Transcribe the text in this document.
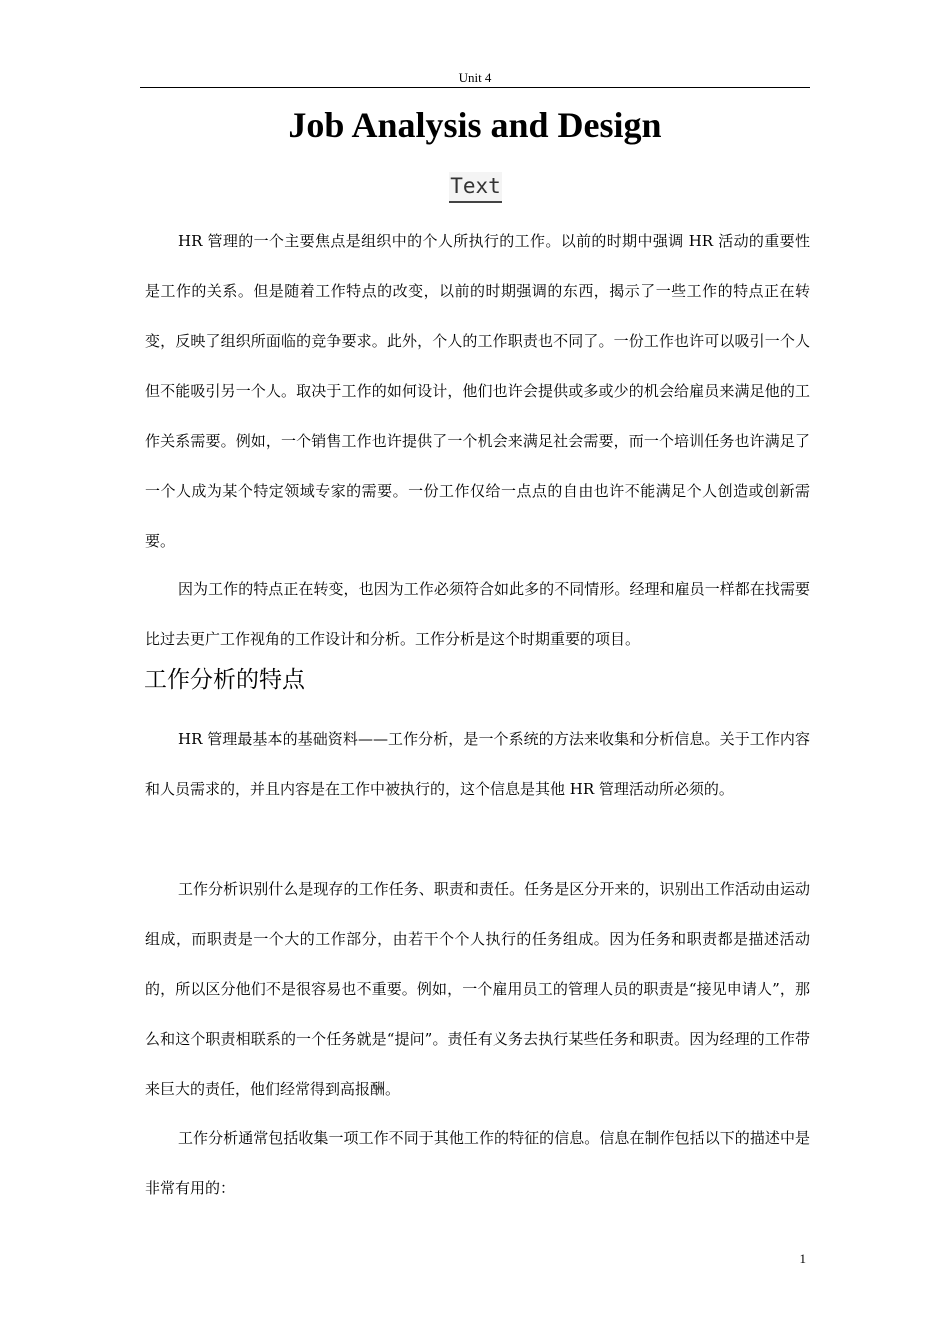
Unit 4
Job Analysis and Design
Text

HR 管理的一个主要焦点是组织中的个人所执行的工作。以前的时期中强调 HR 活动的重要性是工作的关系。但是随着工作特点的改变，以前的时期强调的东西，揭示了一些工作的特点正在转变，反映了组织所面临的竞争要求。此外，个人的工作职责也不同了。一份工作也许可以吸引一个人但不能吸引另一个人。取决于工作的如何设计，他们也许会提供或多或少的机会给雇员来满足他的工作关系需要。例如，一个销售工作也许提供了一个机会来满足社会需要，而一个培训任务也许满足了一个人成为某个特定领域专家的需要。一份工作仅给一点点的自由也许不能满足个人创造或创新需要。

因为工作的特点正在转变，也因为工作必须符合如此多的不同情形。经理和雇员一样都在找需要比过去更广工作视角的工作设计和分析。工作分析是这个时期重要的项目。

工作分析的特点

HR 管理最基本的基础资料——工作分析，是一个系统的方法来收集和分析信息。关于工作内容和人员需求的，并且内容是在工作中被执行的，这个信息是其他 HR 管理活动所必须的。

工作分析识别什么是现存的工作任务、职责和责任。任务是区分开来的，识别出工作活动由运动组成，而职责是一个大的工作部分，由若干个个人执行的任务组成。因为任务和职责都是描述活动的，所以区分他们不是很容易也不重要。例如，一个雇用员工的管理人员的职责是“接见申请人”，那么和这个职责相联系的一个任务就是“提问”。责任有义务去执行某些任务和职责。因为经理的工作带来巨大的责任，他们经常得到高报酬。

工作分析通常包括收集一项工作不同于其他工作的特征的信息。信息在制作包括以下的描述中是非常有用的：

1
